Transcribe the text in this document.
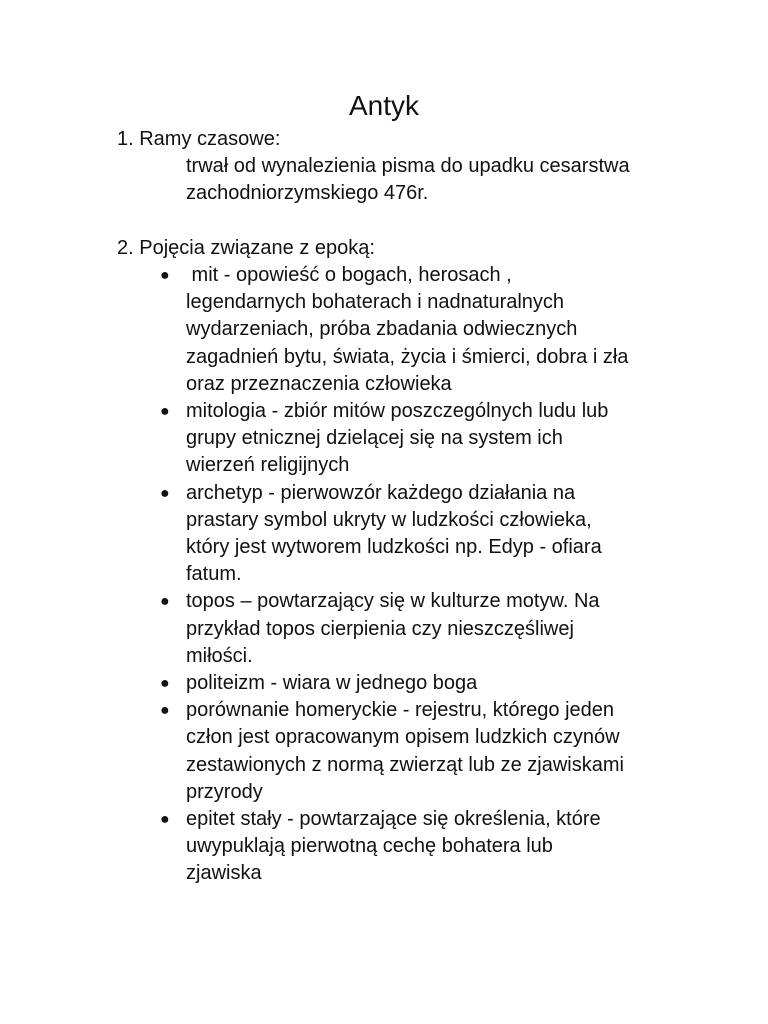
Antyk
1. Ramy czasowe:

trwał od wynalezienia pisma do upadku cesarstwa

zachodniorzymskiego 476r.

2. Pojęcia związane z epoką:
● mit - opowieść o bogach, herosach ,
legendarnych bohaterach i nadnaturalnych
wydarzeniach, próba zbadania odwiecznych
zagadnień bytu, świata, życia i śmierci, dobra i zła
oraz przeznaczenia człowieka
● mitologia - zbiór mitów poszczególnych ludu lub
grupy etnicznej dzielącej się na system ich
wierzeń religijnych
● archetyp - pierwowzór każdego działania na
prastary symbol ukryty w ludzkości człowieka,
który jest wytworem ludzkości np. Edyp - ofiara
fatum.
● topos – powtarzający się w kulturze motyw. Na
przykład topos cierpienia czy nieszczęśliwej
miłości.
● politeizm - wiara w jednego boga
● porównanie homeryckie - rejestru, którego jeden
człon jest opracowanym opisem ludzkich czynów
zestawionych z normą zwierząt lub ze zjawiskami
przyrody
● epitet stały - powtarzające się określenia, które
uwypuklają pierwotną cechę bohatera lub
zjawiska
